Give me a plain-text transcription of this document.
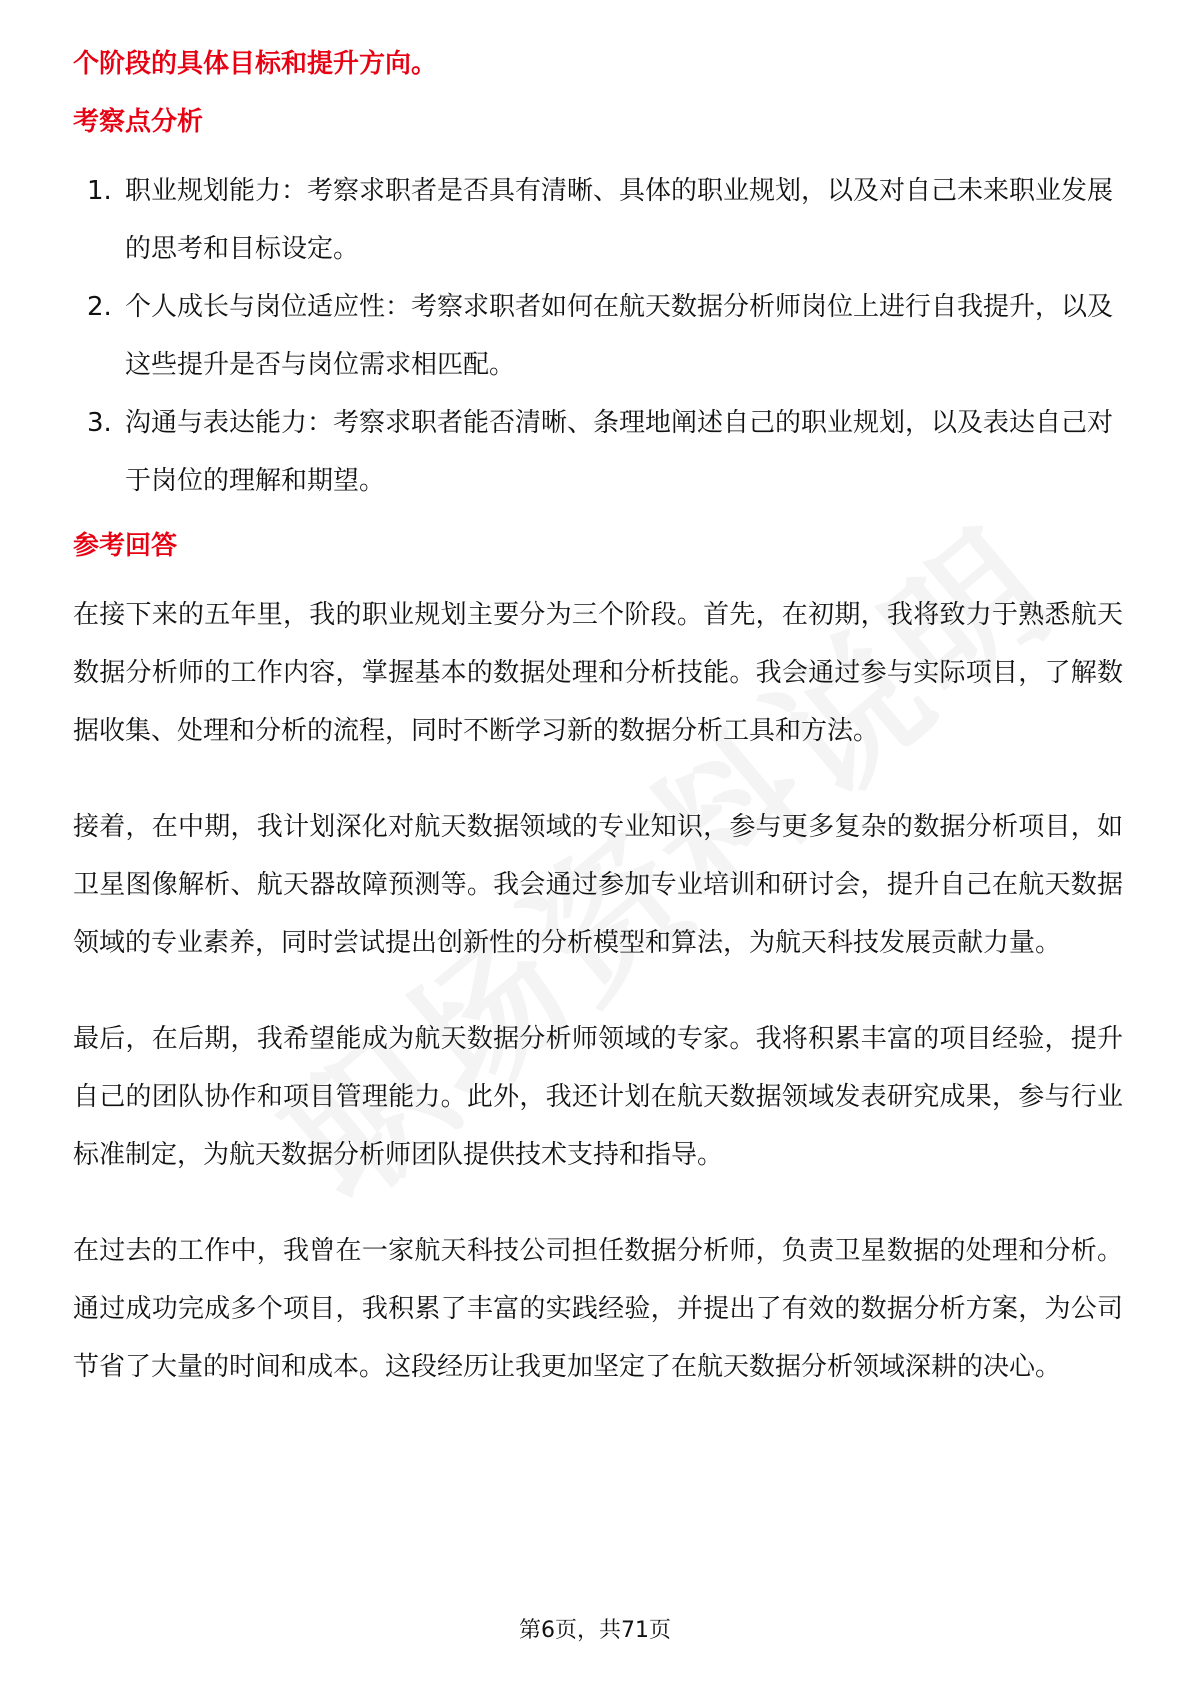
个阶段的具体目标和提升方向。

考察点分析
1. 职业规划能力：考察求职者是否具有清晰、具体的职业规划，以及对自己未来职业发展的思考和目标设定。
2. 个人成长与岗位适应性：考察求职者如何在航天数据分析师岗位上进行自我提升，以及这些提升是否与岗位需求相匹配。
3. 沟通与表达能力：考察求职者能否清晰、条理地阐述自己的职业规划，以及表达自己对于岗位的理解和期望。
参考回答

在接下来的五年里，我的职业规划主要分为三个阶段。首先，在初期，我将致力于熟悉航天数据分析师的工作内容，掌握基本的数据处理和分析技能。我会通过参与实际项目，了解数据收集、处理和分析的流程，同时不断学习新的数据分析工具和方法。

接着，在中期，我计划深化对航天数据领域的专业知识，参与更多复杂的数据分析项目，如卫星图像解析、航天器故障预测等。我会通过参加专业培训和研讨会，提升自己在航天数据领域的专业素养，同时尝试提出创新性的分析模型和算法，为航天科技发展贡献力量。

最后，在后期，我希望能成为航天数据分析师领域的专家。我将积累丰富的项目经验，提升自己的团队协作和项目管理能力。此外，我还计划在航天数据领域发表研究成果，参与行业标准制定，为航天数据分析师团队提供技术支持和指导。

在过去的工作中，我曾在一家航天科技公司担任数据分析师，负责卫星数据的处理和分析。通过成功完成多个项目，我积累了丰富的实践经验，并提出了有效的数据分析方案，为公司节省了大量的时间和成本。这段经历让我更加坚定了在航天数据分析领域深耕的决心。

第6页，共71页
